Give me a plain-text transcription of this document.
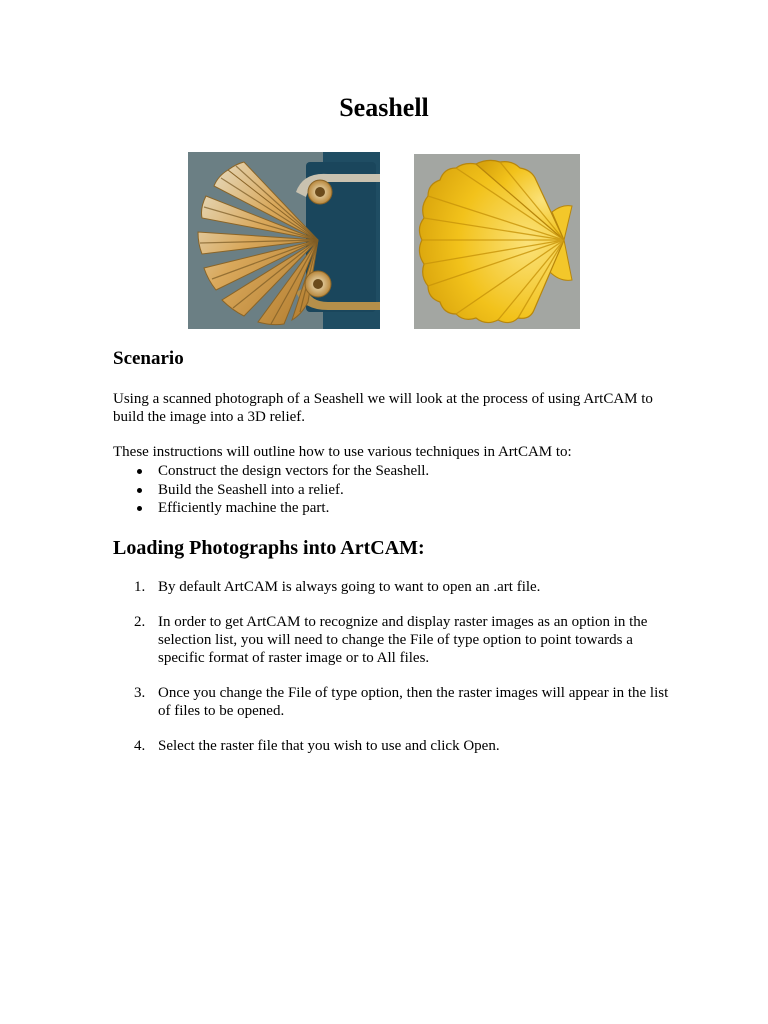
Seashell
Scenario

Using a scanned photograph of a Seashell we will look at the process of using ArtCAM to build the image into a 3D relief.

These instructions will outline how to use various techniques in ArtCAM to:

Construct the design vectors for the Seashell.
Build the Seashell into a relief.
Efficiently machine the part.
Loading Photographs into ArtCAM:
1. By default ArtCAM is always going to want to open an .art file.
2. In order to get ArtCAM to recognize and display raster images as an option in the selection list, you will need to change the File of type option to point towards a specific format of raster image or to All files.
3. Once you change the File of type option, then the raster images will appear in the list of files to be opened.
4. Select the raster file that you wish to use and click Open.
